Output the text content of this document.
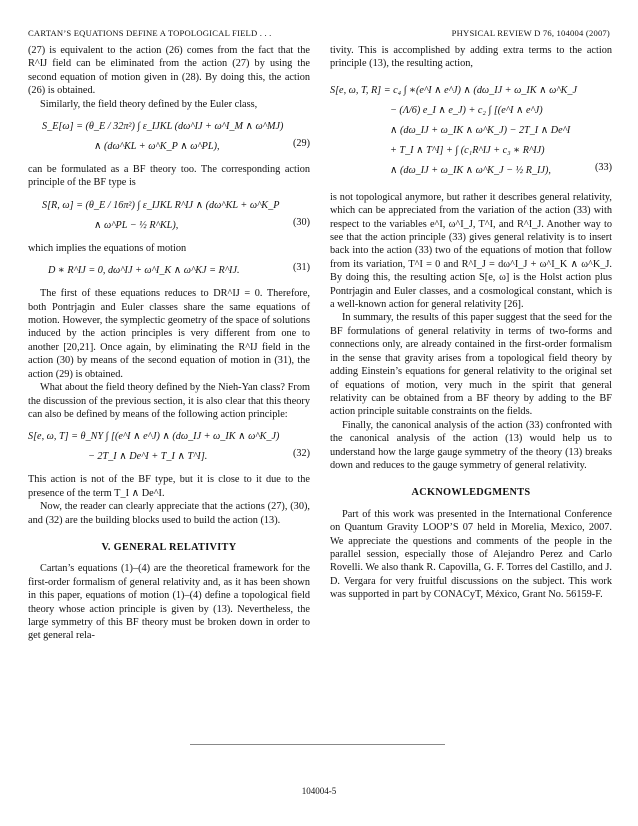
CARTAN’S EQUATIONS DEFINE A TOPOLOGICAL FIELD . . .	PHYSICAL REVIEW D 76, 104004 (2007)

(27) is equivalent to the action (26) comes from the fact that the R^IJ field can be eliminated from the action (27) by using the second equation of motion given in (28). By doing this, the action (26) is obtained.

Similarly, the field theory defined by the Euler class,

S_E[ω] = (θ_E / 32π²) ∫ ε_IJKL (dω^IJ + ω^I_M ∧ ω^MJ)
∧ (dω^KL + ω^K_P ∧ ω^PL),	(29)

can be formulated as a BF theory too. The corresponding action principle of the BF type is

S[R, ω] = (θ_E / 16π²) ∫ ε_IJKL R^IJ ∧ (dω^KL + ω^K_P
∧ ω^PL − ½ R^KL),	(30)

which implies the equations of motion

D ∗ R^IJ = 0, dω^IJ + ω^I_K ∧ ω^KJ = R^IJ.	(31)

The first of these equations reduces to DR^IJ = 0. Therefore, both Pontrjagin and Euler classes share the same equations of motion. However, the symplectic geometry of the space of solutions induced by the action principles is very different from one to another [20,21]. Once again, by eliminating the R^IJ field in the action (30) by means of the second equation of motion in (31), the action (29) is obtained.

What about the field theory defined by the Nieh-Yan class? From the discussion of the previous section, it is also clear that this theory can also be defined by means of the following action principle:

S[e, ω, T] = θ_NY ∫ [(e^I ∧ e^J) ∧ (dω_IJ + ω_IK ∧ ω^K_J)
− 2T_I ∧ De^I + T_I ∧ T^I].	(32)

This action is not of the BF type, but it is close to it due to the presence of the term T_I ∧ De^I.

Now, the reader can clearly appreciate that the actions (27), (30), and (32) are the building blocks used to build the action (13).

V. GENERAL RELATIVITY

Cartan’s equations (1)–(4) are the theoretical framework for the first-order formalism of general relativity and, as it has been shown in this paper, equations of motion (1)–(4) define a topological field theory whose action principle is given by (13). Nevertheless, the large symmetry of this BF theory must be broken down in order to get general rela-

tivity. This is accomplished by adding extra terms to the action principle (13), the resulting action,

S[e, ω, T, R] = c₄ ∫ ∗(e^I ∧ e^J) ∧ (dω_IJ + ω_IK ∧ ω^K_J
− (Λ/6) e_I ∧ e_J) + c₂ ∫ [(e^I ∧ e^J)
∧ (dω_IJ + ω_IK ∧ ω^K_J) − 2T_I ∧ De^I
+ T_I ∧ T^I] + ∫ (c₁R^IJ + c₃ ∗ R^IJ)
∧ (dω_IJ + ω_IK ∧ ω^K_J − ½ R_IJ),	(33)

is not topological anymore, but rather it describes general relativity, which can be appreciated from the variation of the action (33) with respect to the variables e^I, ω^I_J, T^I, and R^I_J. Another way to see that the action principle (33) gives general relativity is to insert back into the action (33) two of the equations of motion that follow from its variation, T^I = 0 and R^I_J = dω^I_J + ω^I_K ∧ ω^K_J. By doing this, the resulting action S[e, ω] is the Holst action plus Pontrjagin and Euler classes, and a cosmological constant, which is a well-known action for general relativity [26].

In summary, the results of this paper suggest that the seed for the BF formulations of general relativity in terms of two-forms and connections only, are already contained in the first-order formalism in the sense that gravity arises from a topological field theory by adding Einstein’s equations for general relativity to the original set of equations of motion, very much in the spirit that general relativity can be obtained from a BF theory by adding to the BF action principle suitable constraints on the fields.

Finally, the canonical analysis of the action (33) confronted with the canonical analysis of the action (13) would help us to understand how the large gauge symmetry of the theory (13) breaks down and reduces to the gauge symmetry of general relativity.

ACKNOWLEDGMENTS

Part of this work was presented in the International Conference on Quantum Gravity LOOP’S 07 held in Morelia, Mexico, 2007. We appreciate the questions and comments of the people in the parallel session, especially those of Alejandro Perez and Carlo Rovelli. We also thank R. Capovilla, G. F. Torres del Castillo, and J. D. Vergara for very fruitful discussions on the subject. This work was supported in part by CONACyT, México, Grant No. 56159-F.

104004-5
